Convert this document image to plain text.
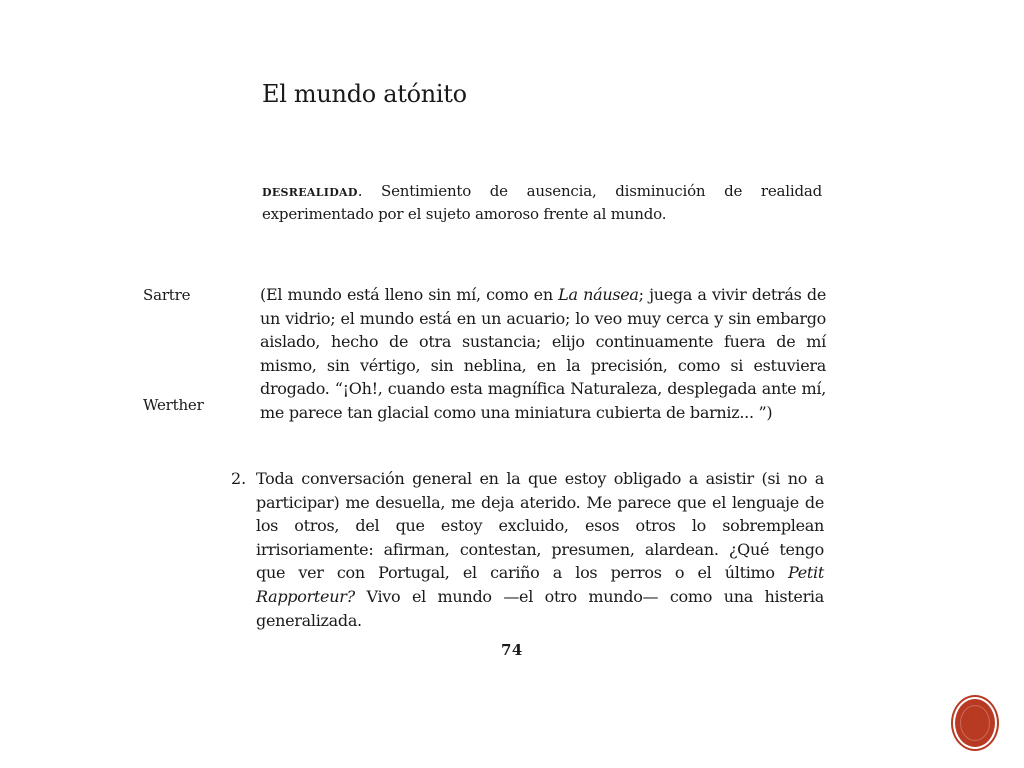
El mundo atónito
desrealidad. Sentimiento de ausencia, disminución de realidad experimentado por el sujeto amoroso frente al mundo.
Sartre
Werther
(El mundo está lleno sin mí, como en La náusea; juega a vivir detrás de un vidrio; el mundo está en un acuario; lo veo muy cerca y sin embargo aislado, hecho de otra sustancia; elijo continuamente fuera de mí mismo, sin vértigo, sin neblina, en la precisión, como si estuviera drogado. “¡Oh!, cuando esta magnífica Naturaleza, desplegada ante mí, me parece tan glacial como una miniatura cubierta de barniz... ”)
2. Toda conversación general en la que estoy obligado a asistir (si no a participar) me desuella, me deja aterido. Me parece que el lenguaje de los otros, del que estoy excluido, esos otros lo sobremplean irrisoriamente: afirman, contestan, presumen, alardean. ¿Qué tengo que ver con Portugal, el cariño a los perros o el último Petit Rapporteur? Vivo el mundo —el otro mundo— como una histeria generalizada.
74
